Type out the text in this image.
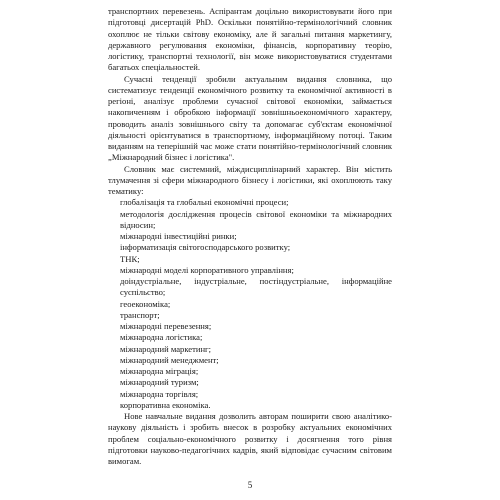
транспортних перевезень. Аспірантам доцільно використовувати його при підготовці дисертацій PhD. Оскільки понятійно-термінологічний словник охоплює не тільки світову економіку, але й загальні питання маркетингу, державного регулювання економіки, фінансів, корпоративну теорію, логістику, транспортні технології, він може використовуватися студентами багатьох спеціальностей.

Сучасні тенденції зробили актуальним видання словника, що систематизує тенденції економічного розвитку та економічної активності в регіоні, аналізує проблеми сучасної світової економіки, займається накопиченням і обробкою інформації зовнішньоекономічного характеру, проводить аналіз зовнішнього світу та допомагає суб'єктам економічної діяльності орієнтуватися в транспортному, інформаційному потоці. Таким виданням на теперішній час може стати понятійно-термінологічний словник „Міжнародний бізнес і логістика".

Словник має системний, міждисциплінарний характер. Він містить тлумачення зі сфери міжнародного бізнесу і логістики, які охоплюють таку тематику:

глобалізація та глобальні економічні процеси;

методологія дослідження процесів світової економіки та міжнародних відносин;

міжнародні інвестиційні ринки;

інформатизація світогосподарського розвитку;

ТНК;

міжнародні моделі корпоративного управління;

доіндустріальне, індустріальне, постіндустріальне, інформаційне суспільство;

геоекономіка;

транспорт;

міжнародні перевезення;

міжнародна логістика;

міжнародний маркетинг;

міжнародний менеджмент;

міжнародна міграція;

міжнародний туризм;

міжнародна торгівля;

корпоративна економіка.

Нове навчальне видання дозволить авторам поширити свою аналітико-наукову діяльність і зробить внесок в розробку актуальних економічних проблем соціально-економічного розвитку і досягнення того рівня підготовки науково-педагогічних кадрів, який відповідає сучасним світовим вимогам.

5
